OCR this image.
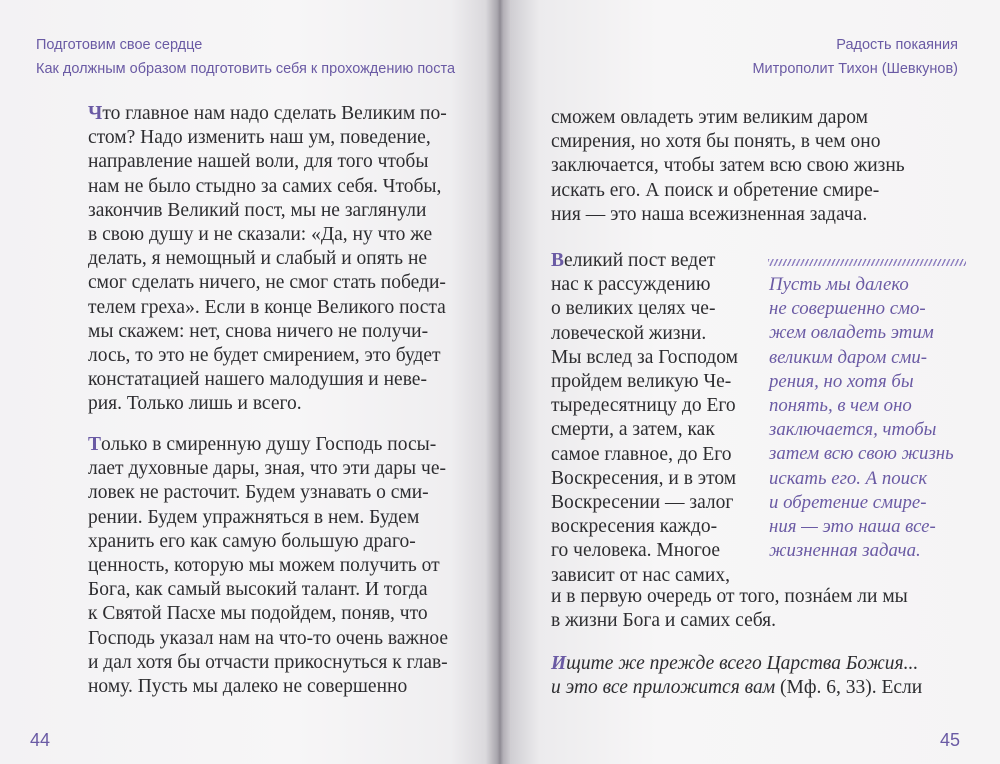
Подготовим свое сердце
Как должным образом подготовить себя к прохождению поста
Что главное нам надо сделать Великим по-
стом? Надо изменить наш ум, поведение,
направление нашей воли, для того чтобы
нам не было стыдно за самих себя. Чтобы,
закончив Великий пост, мы не заглянули
в свою душу и не сказали: «Да, ну что же
делать, я немощный и слабый и опять не
смог сделать ничего, не смог стать победи-
телем греха». Если в конце Великого поста
мы скажем: нет, снова ничего не получи-
лось, то это не будет смирением, это будет
констатацией нашего малодушия и неве-
рия. Только лишь и всего.
Только в смиренную душу Господь посы-
лает духовные дары, зная, что эти дары че-
ловек не расточит. Будем узнавать о сми-
рении. Будем упражняться в нем. Будем
хранить его как самую большую драго-
ценность, которую мы можем получить от
Бога, как самый высокий талант. И тогда
к Святой Пасхе мы подойдем, поняв, что
Господь указал нам на что-то очень важное
и дал хотя бы отчасти прикоснуться к глав-
ному. Пусть мы далеко не совершенно
44
Радость покаяния
Митрополит Тихон (Шевкунов)
сможем овладеть этим великим даром
смирения, но хотя бы понять, в чем оно
заключается, чтобы затем всю свою жизнь
искать его. А поиск и обретение смире-
ния — это наша всежизненная задача.
Великий пост ведет
нас к рассуждению
о великих целях че-
ловеческой жизни.
Мы вслед за Господом
пройдем великую Че-
тыредесятницу до Его
смерти, а затем, как
самое главное, до Его
Воскресения, и в этом
Воскресении — залог
воскресения каждо-
го человека. Многое
зависит от нас самих,
и в первую очередь от того, познáем ли мы
в жизни Бога и самих себя.
Пусть мы далеко
не совершенно смо-
жем овладеть этим
великим даром сми-
рения, но хотя бы
понять, в чем оно
заключается, чтобы
затем всю свою жизнь
искать его. А поиск
и обретение смире-
ния — это наша все-
жизненная задача.
Ищите же прежде всего Царства Божия...
и это все приложится вам (Мф. 6, 33). Если
45
